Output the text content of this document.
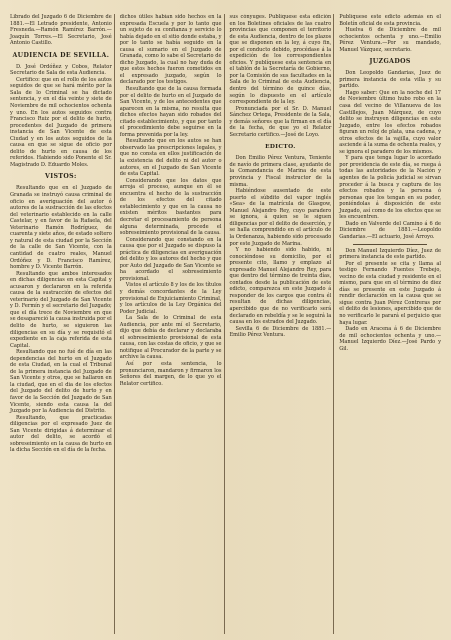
Librado del Juzgado 6 de Diciembre de 1881.—El Letrado presidente, Antonio Fresneda.—Ramón Ramírez Barrón.—Joaquín Torres.—El Secretario, José Antonio Castillo.

AUDIENCIA DE SEVILLA.

D. José Ordóñez y Cobos, Relator Secretario de Sala de esta Audiencia.

Certifico: que en el rollo de los autos seguidos de que se hará mérito por la Sala de lo Criminal se ha dictado sentencia, y en el día veinte y siete de Noviembre de mil ochocientos ochenta y uno. En los autos seguidos contra Francisco Ruiz por el delito de hurto, procedentes del Juzgado de primera instancia de San Vicente de esta Ciudad y en los autos seguidos de la causa en que se sigue de oficio por delito de hurto en causa de los referidos. Habiendo sido Ponente el Sr. Magistrado D. Eduardo Moles.

VISTOS:

Resultando que en el Juzgado de Granada se instruyó causa criminal de oficio en averiguación del autor ó autores de la sustracción de las efectos del veterinario establecido en la calle Castelar, y en favor de la Rafaela, del Veterinario Ramón Rodríguez, de cuarenta y siete años, de estado soltero y natural de esta ciudad por la Sección de la calle de San Vicente, con la cantidad de cuatro reales, Manuel Ordóñez y D. Francisco Ramírez, hombre y D. Vicente Barrón.

Resultando que ambos interesados en dichas diligencias en esta Capital y acusaron y declararon en la referida causa de la sustracción de efectos del veterinario del Juzgado de San Vicente y D. Fermín y el secretario del Juzgado; que el día trece de Noviembre en que se desapareció la causa instruida por el delito de hurto, se siguieron las diligencias en su día y se requisitó el expediente en la caja referida de esta Capital.

Resultando que no fué de día en las dependencias del hurto en el Juzgado de esta Ciudad, en la cual el Tribunal de la primera instancia del Juzgado de San Vicente y otros, que se hallaron en la ciudad, que en el dia de los efectos del Juzgado del delito de hurto y en favor de la Sección del Juzgado de San Vicente, siendo esta causa la del Juzgado por la Audiencia del Distrito.

Resultando, que practicadas diligencias por el expresado Juez de San Vicente dirigidas á determinar el autor del delito, se acordó el sobreseimiento en la causa de hurto en la dicha Sección en el día de la fecha.

dichos útiles habían sido hechos en la expresada Escuela y por lo tanto que un sujeto de su confianza y servicio lo había dejado en el sitio donde estaba, y por lo tanto se había seguido en la causa el sumario en el Juzgado de Granada, como lo sabe el Secretario de dicho Juzgado, la cual no hay duda de que estos hechos fueron cometidos en el expresado juzgado, según lo declarado por los testigos.

Resultando que de la causa formada por el delito de hurto en el Juzgado de San Vicente, y de los antecedentes que aparecen en la misma, no resulta que dichos efectos hayan sido robados del citado establecimiento, y que por tanto el procedimiento debe seguirse en la forma prevenida por la ley.

Resultando que en los autos se han observado las prescripciones legales, y que no consta en ellos justificación de la existencia del delito ni del autor o autores, en el Juzgado de San Vicente de esta Capital.

Considerando que los datos que arroja el proceso, aunque en él se encuentra el hecho de la sustracción de los efectos del citado establecimiento y que en la causa no existen méritos bastantes para decretar el procesamiento de persona alguna determinada, procede el sobreseimiento provisional de la causa.

Considerando que constando en la causa que por el Juzgado se dispuso la práctica de diligencias en averiguación del delito y los autores del hecho y que por Auto del Juzgado de San Vicente se ha acordado el sobreseimiento provisional.

Vistos el artículo 8 y los de los títulos y demás concordantes de la Ley provisional de Enjuiciamiento Criminal, y los artículos de la Ley Orgánica del Poder Judicial.

La Sala de lo Criminal de esta Audiencia, por ante mí el Secretario, dijo que debía de declarar y declaraba el sobreseimiento provisional de esta causa, con las costas de oficio, y que se notifique al Procurador de la parte y se archive la causa.

Así por esta sentencia, lo pronunciaron, mandaron y firmaron los Señores del margen, de lo que yo el Relator certifico.

sus cónyuges. Publíquese esta edición en los Boletines oficiales de las cuatro provincias que componen el territorio de esta Audiencia, dentro de los plazos que se disponen en la ley, á cuyo fin, por el conducto debido, procédase á la expedición de los correspondientes oficios. Y publíquese esta sentencia en el tablón de la Secretaría de Gobierno, por la Comisión de sus facultades en la Sala de lo Criminal de esta Audiencia, dentro del término de quince días, según lo dispuesto en el artículo correspondiente de la ley.

Pronunciada por el Sr. D. Manuel Sánchez Ortega, Presidente de la Sala, y demás señores que la firman en el día de la fecha, de que yo el Relator Secretario certifico.—José de Loyo.

EDICTO.

Don Emilio Pérez Ventura, Teniente de navío de primera clase, ayudante de la Comandancia de Marina de esta provincia y Fiscal instructor de la misma.

Habiéndose ausentado de este puerto el súbdito del vapor inglés «Sea» de la matrícula de Glasgow, Manuel Alejandro Rey, cuyo paradero se ignora, á quien se le siguen diligencias por el delito de deserción, y se halla comprendido en el artículo de la Ordenanza, habiendo sido procesado por este Juzgado de Marina.

Y no habiendo sido habido, ni conociéndose su domicilio, por el presente cito, llamo y emplazo al expresado Manuel Alejandro Rey, para que dentro del término de treinta días, contados desde la publicación de este edicto, comparezca en este Juzgado á responder de los cargos que contra él resultan de dichas diligencias, apercibido que de no verificarlo será declarado en rebeldía y se le seguirá la causa en los estrados del Juzgado.

Sevilla 6 de Diciembre de 1881.—Emilio Pérez Ventura.

Publíquese este edicto además en el Boletín oficial de esta provincia.

Huelva 6 de Diciembre de mil ochocientos ochenta y uno.—Emilio Pérez Ventura.—Por su mandado, Manuel Vázquez, secretario.

JUZGADOS

Don Leopoldo Gandarias, Juez de primera instancia de esta villa y su partido.

Hago saber: Que en la noche del 17 de Noviembre último hubo robo en la casa del vecino de Villanueva de los Castillejos, Juan Márquez, de cuyo delito se instruyen diligencias en este Juzgado, entre los efectos robados figuran un reloj de plata, una cadena, y otros efectos de la vajilla, cuyo valor asciende á la suma de ochenta reales, y se ignora el paradero de los mismos.

Y para que tenga lugar lo acordado por providencia de este día, se ruega á todas las autoridades de la Nación y agentes de la policía judicial se sirvan proceder á la busca y captura de los efectos robados y la persona ó personas que los tengan en su poder, poniéndolas á disposición de este Juzgado, así como de los efectos que se les encuentren.

Dado en Valverde del Camino á 6 de Diciembre de 1881.—Leopoldo Gandarias.—El actuario, José Arroyo.

Don Manuel Izquierdo Díez, Juez de primera instancia de este partido.

Por el presente se cita y llama al testigo Fernando Fuentes Trebejo, vecino de esta ciudad y residente en el mismo, para que en el término de diez días se presente en este Juzgado á rendir declaración en la causa que se sigue contra Juan Pérez Contreras por el delito de lesiones, apercibido que de no verificarlo le parará el perjuicio que haya lugar.

Dado en Aracena á 6 de Diciembre de mil ochocientos ochenta y uno.—Manuel Izquierdo Díez.—José Pardo y Gil.
